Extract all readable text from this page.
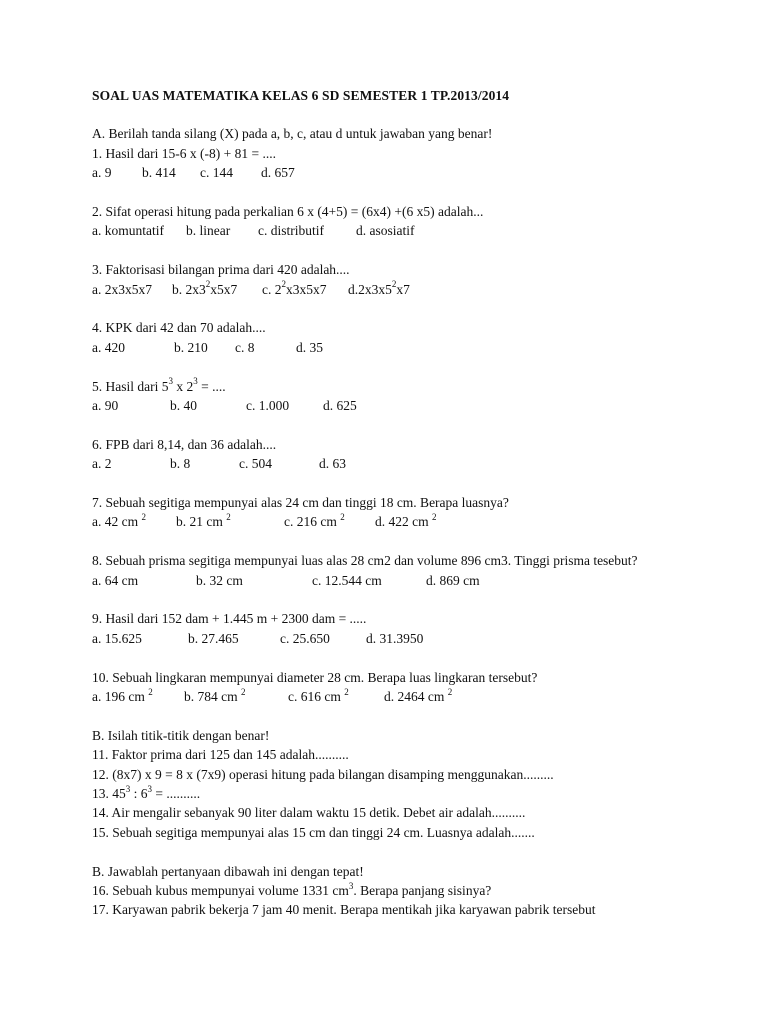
SOAL UAS MATEMATIKA KELAS 6 SD SEMESTER 1 TP.2013/2014
A. Berilah tanda silang (X) pada a, b, c, atau d untuk jawaban yang benar!
1. Hasil dari 15-6 x (-8) + 81 = ....
a. 9 b. 414 c. 144 d. 657
2. Sifat operasi hitung pada perkalian 6 x (4+5) = (6x4) +(6 x5) adalah...
a. komuntatif b. linear c. distributif d. asosiatif
3. Faktorisasi bilangan prima dari 420 adalah....
a. 2x3x5x7 b. $2x3^2x5x7$ c. $2^2x3x5x7$ $d.2x3x5^2x7$
4. KPK dari 42 dan 70 adalah....
a. 420	b. 210 c. 8	d. 35
5. Hasil dari $5^3$ x $2^3$ = ....
a. 90	b. 40	c. 1.000	d. 625
6. FPB dari 8,14, dan 36 adalah....
a. 2	b. 8	c. 504	d. 63
7. Sebuah segitiga mempunyai alas 24 cm dan tinggi 18 cm. Berapa luasnya?
a. 42 cm $^2$ b. 21 cm $^2$	c. 216 cm $^2$ d. 422 cm $^2$
8. Sebuah prisma segitiga mempunyai luas alas 28 cm2 dan volume 896 cm3. Tinggi prisma tesebut?
a. 64 cm	b. 32 cm	c. 12.544 cm	d. 869 cm
9. Hasil dari 152 dam + 1.445 m + 2300 dam = .....
a. 15.625	b. 27.465	c. 25.650	d. 31.3950
10. Sebuah lingkaran mempunyai diameter 28 cm. Berapa luas lingkaran tersebut?
a. 196 cm $^2$ b. 784 cm $^2$	c. 616 cm $^2$	d. 2464 cm $^2$
B. Isilah titik-titik dengan benar!
11. Faktor prima dari 125 dan 145 adalah..........
12. (8x7) x 9 = 8 x (7x9) operasi hitung pada bilangan disamping menggunakan.........
13. $45^3$ : $6^3$ = ..........
14. Air mengalir sebanyak 90 liter dalam waktu 15 detik. Debet air adalah..........
15. Sebuah segitiga mempunyai alas 15 cm dan tinggi 24 cm. Luasnya adalah.......
B. Jawablah pertanyaan dibawah ini dengan tepat!
16. Sebuah kubus mempunyai volume 1331 $cm^3$. Berapa panjang sisinya?
17. Karyawan pabrik bekerja 7 jam 40 menit. Berapa mentikah jika karyawan pabrik tersebut
